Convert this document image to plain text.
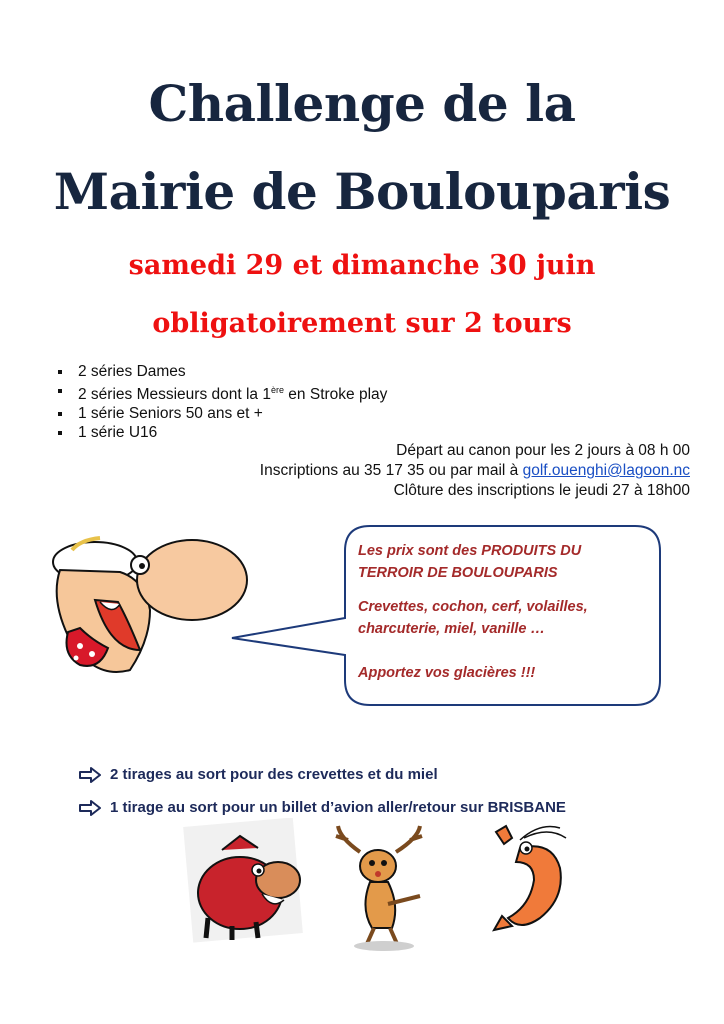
Challenge de la
Mairie de Boulouparis
samedi 29 et dimanche 30 juin
obligatoirement sur 2 tours
2 séries Dames
2 séries Messieurs dont la 1ère en Stroke play
1 série Seniors 50 ans et +
1 série U16
Départ au canon pour les 2 jours à 08 h 00
Inscriptions au 35 17 35 ou par mail à golf.ouenghi@lagoon.nc
Clôture des inscriptions le jeudi 27 à 18h00

Les prix sont des PRODUITS DU TERROIR DE BOULOUPARIS

Crevettes, cochon, cerf, volailles, charcuterie, miel, vanille …

Apportez vos glacières !!!

2 tirages au sort pour des crevettes et du miel
1 tirage au sort pour un billet d’avion aller/retour sur BRISBANE
